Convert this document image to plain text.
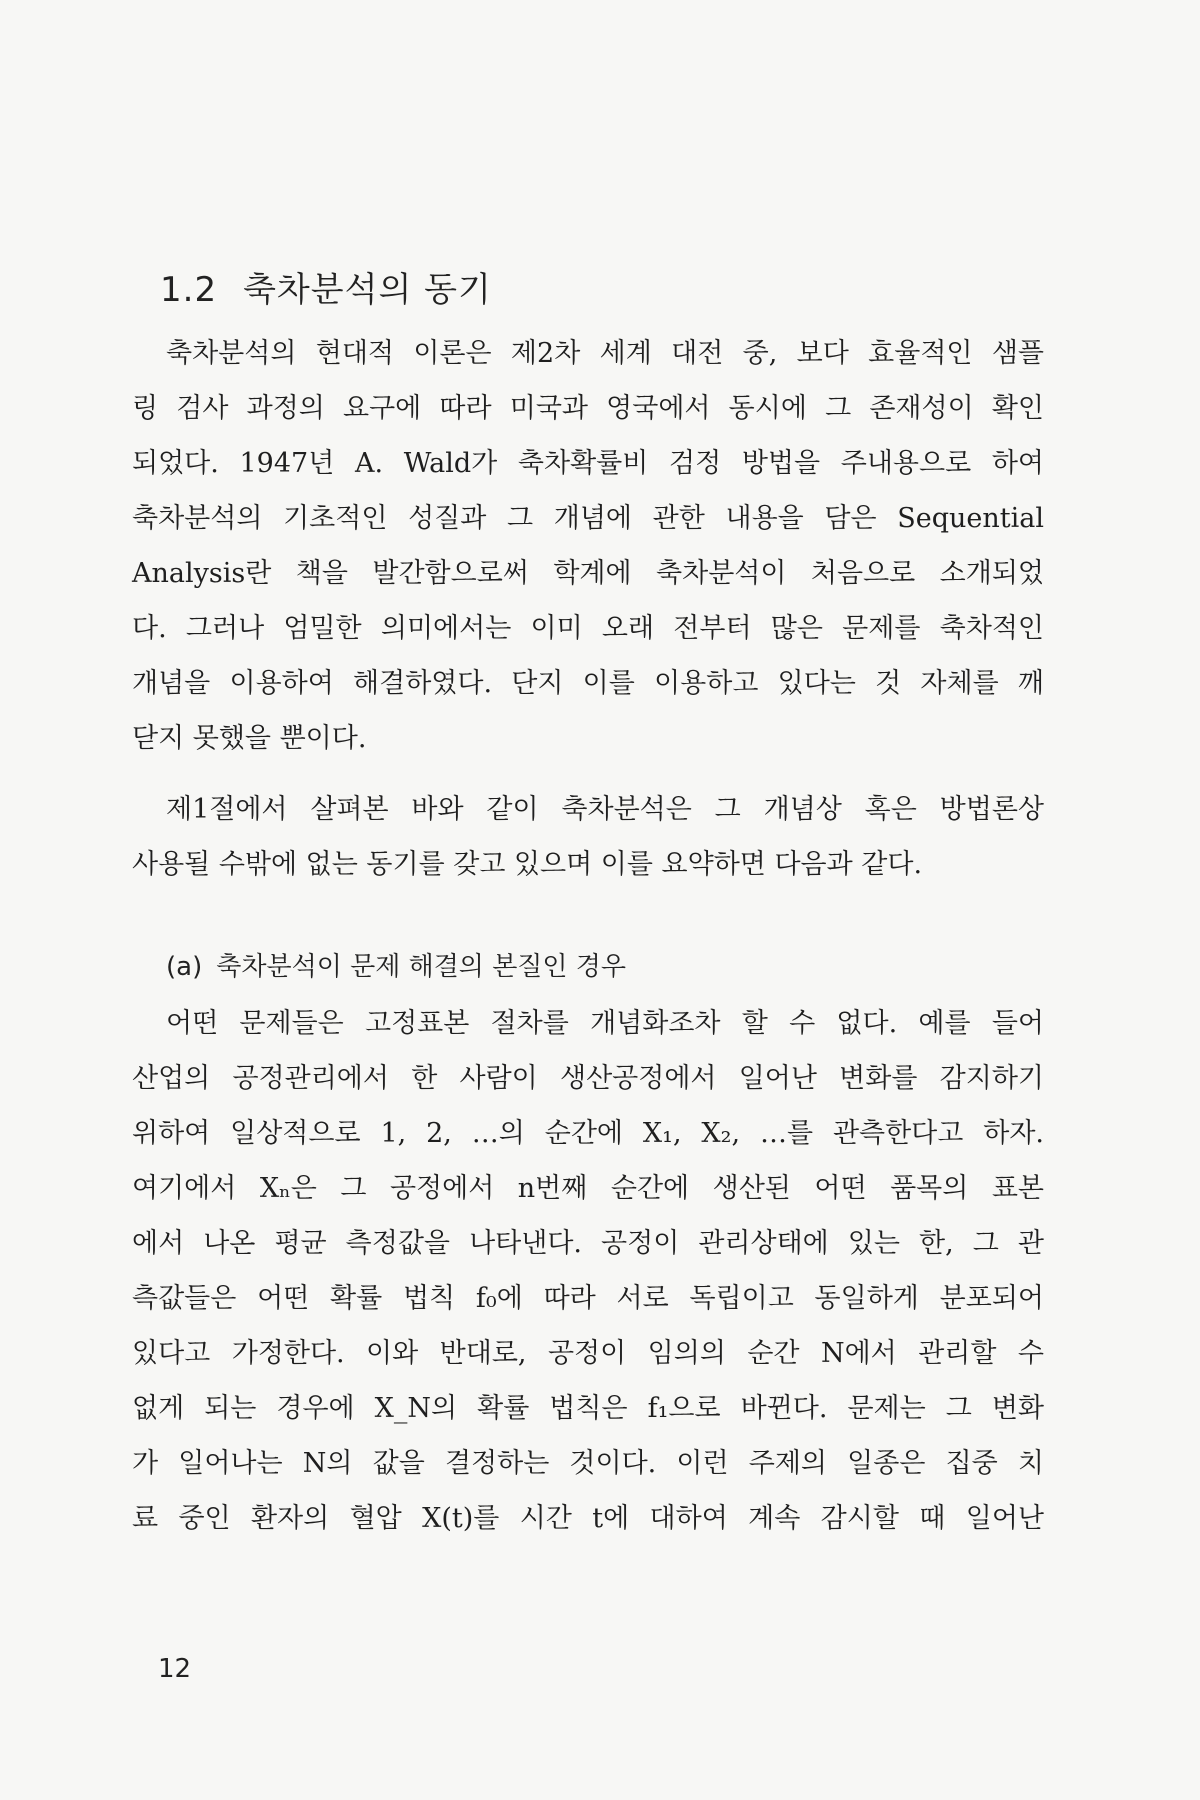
1.2 축차분석의 동기
축차분석의 현대적 이론은 제2차 세계 대전 중, 보다 효율적인 샘플
링 검사 과정의 요구에 따라 미국과 영국에서 동시에 그 존재성이 확인
되었다. 1947년 A. Wald가 축차확률비 검정 방법을 주내용으로 하여
축차분석의 기초적인 성질과 그 개념에 관한 내용을 담은 Sequential
Analysis란 책을 발간함으로써 학계에 축차분석이 처음으로 소개되었
다. 그러나 엄밀한 의미에서는 이미 오래 전부터 많은 문제를 축차적인
개념을 이용하여 해결하였다. 단지 이를 이용하고 있다는 것 자체를 깨
닫지 못했을 뿐이다.
제1절에서 살펴본 바와 같이 축차분석은 그 개념상 혹은 방법론상
사용될 수밖에 없는 동기를 갖고 있으며 이를 요약하면 다음과 같다.
(a) 축차분석이 문제 해결의 본질인 경우
어떤 문제들은 고정표본 절차를 개념화조차 할 수 없다. 예를 들어
산업의 공정관리에서 한 사람이 생산공정에서 일어난 변화를 감지하기
위하여 일상적으로 1, 2, …의 순간에 X₁, X₂, …를 관측한다고 하자.
여기에서 Xₙ은 그 공정에서 n번째 순간에 생산된 어떤 품목의 표본
에서 나온 평균 측정값을 나타낸다. 공정이 관리상태에 있는 한, 그 관
측값들은 어떤 확률 법칙 f₀에 따라 서로 독립이고 동일하게 분포되어
있다고 가정한다. 이와 반대로, 공정이 임의의 순간 N에서 관리할 수
없게 되는 경우에 X_N의 확률 법칙은 f₁으로 바뀐다. 문제는 그 변화
가 일어나는 N의 값을 결정하는 것이다. 이런 주제의 일종은 집중 치
료 중인 환자의 혈압 X(t)를 시간 t에 대하여 계속 감시할 때 일어난
12
